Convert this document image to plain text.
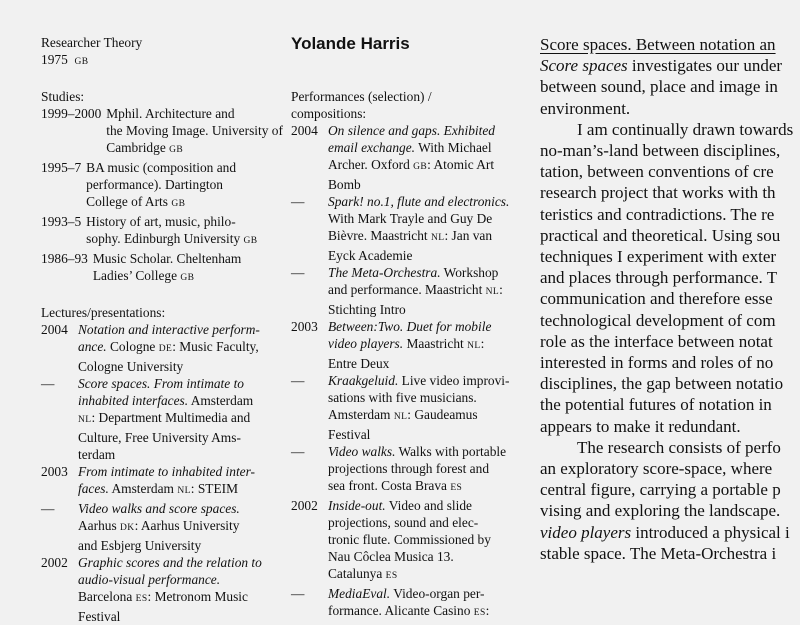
Researcher Theory
1975 GB
Studies:
1999–2000 Mphil. Architecture and
the Moving Image. University of
Cambridge GB
1995–7 BA music (composition and
performance). Dartington
College of Arts GB
1993–5 History of art, music, philo-
sophy. Edinburgh University GB
1986–93 Music Scholar. Cheltenham
Ladies’ College GB
Lectures/presentations:
2004 Notation and interactive perform-
ance. Cologne DE: Music Faculty,
Cologne University
—	Score spaces. From intimate to
inhabited interfaces. Amsterdam
NL: Department Multimedia and
Culture, Free University Ams-
terdam
2003 From intimate to inhabited inter-
faces. Amsterdam NL: STEIM
—	Video walks and score spaces.
Aarhus DK: Aarhus University
and Esbjerg University
2002 Graphic scores and the relation to
audio-visual performance.
Barcelona ES: Metronom Music
Festival
Yolande Harris
Performances (selection) /
compositions:
2004 On silence and gaps. Exhibited
email exchange. With Michael
Archer. Oxford GB: Atomic Art
Bomb
—	Spark! no.1, flute and electronics.
With Mark Trayle and Guy De
Bièvre. Maastricht NL: Jan van
Eyck Academie
—	The Meta-Orchestra. Workshop
and performance. Maastricht NL:
Stichting Intro
2003 Between:Two. Duet for mobile
video players. Maastricht NL:
Entre Deux
—	Kraakgeluid. Live video improvi-
sations with five musicians.
Amsterdam NL: Gaudeamus
Festival
—	Video walks. Walks with portable
projections through forest and
sea front. Costa Brava ES
2002 Inside-out. Video and slide
projections, sound and elec-
tronic flute. Commissioned by
Nau Côclea Musica 13.
Catalunya ES
—	MediaEval. Video-organ per-
formance. Alicante Casino ES:
Score spaces. Between notation an
Score spaces investigates our under
between sound, place and image in
environment.
I am continually drawn towards
no-man’s-land between disciplines,
tation, between conventions of cre
research project that works with th
teristics and contradictions. The re
practical and theoretical. Using sou
techniques I experiment with exter
and places through performance. T
communication and therefore esse
technological development of com
role as the interface between notat
interested in forms and roles of no
disciplines, the gap between notatio
the potential futures of notation in
appears to make it redundant.
The research consists of perfo
an exploratory score-space, where
central figure, carrying a portable p
vising and exploring the landscape.
video players introduced a physical i
stable space. The Meta-Orchestra i
